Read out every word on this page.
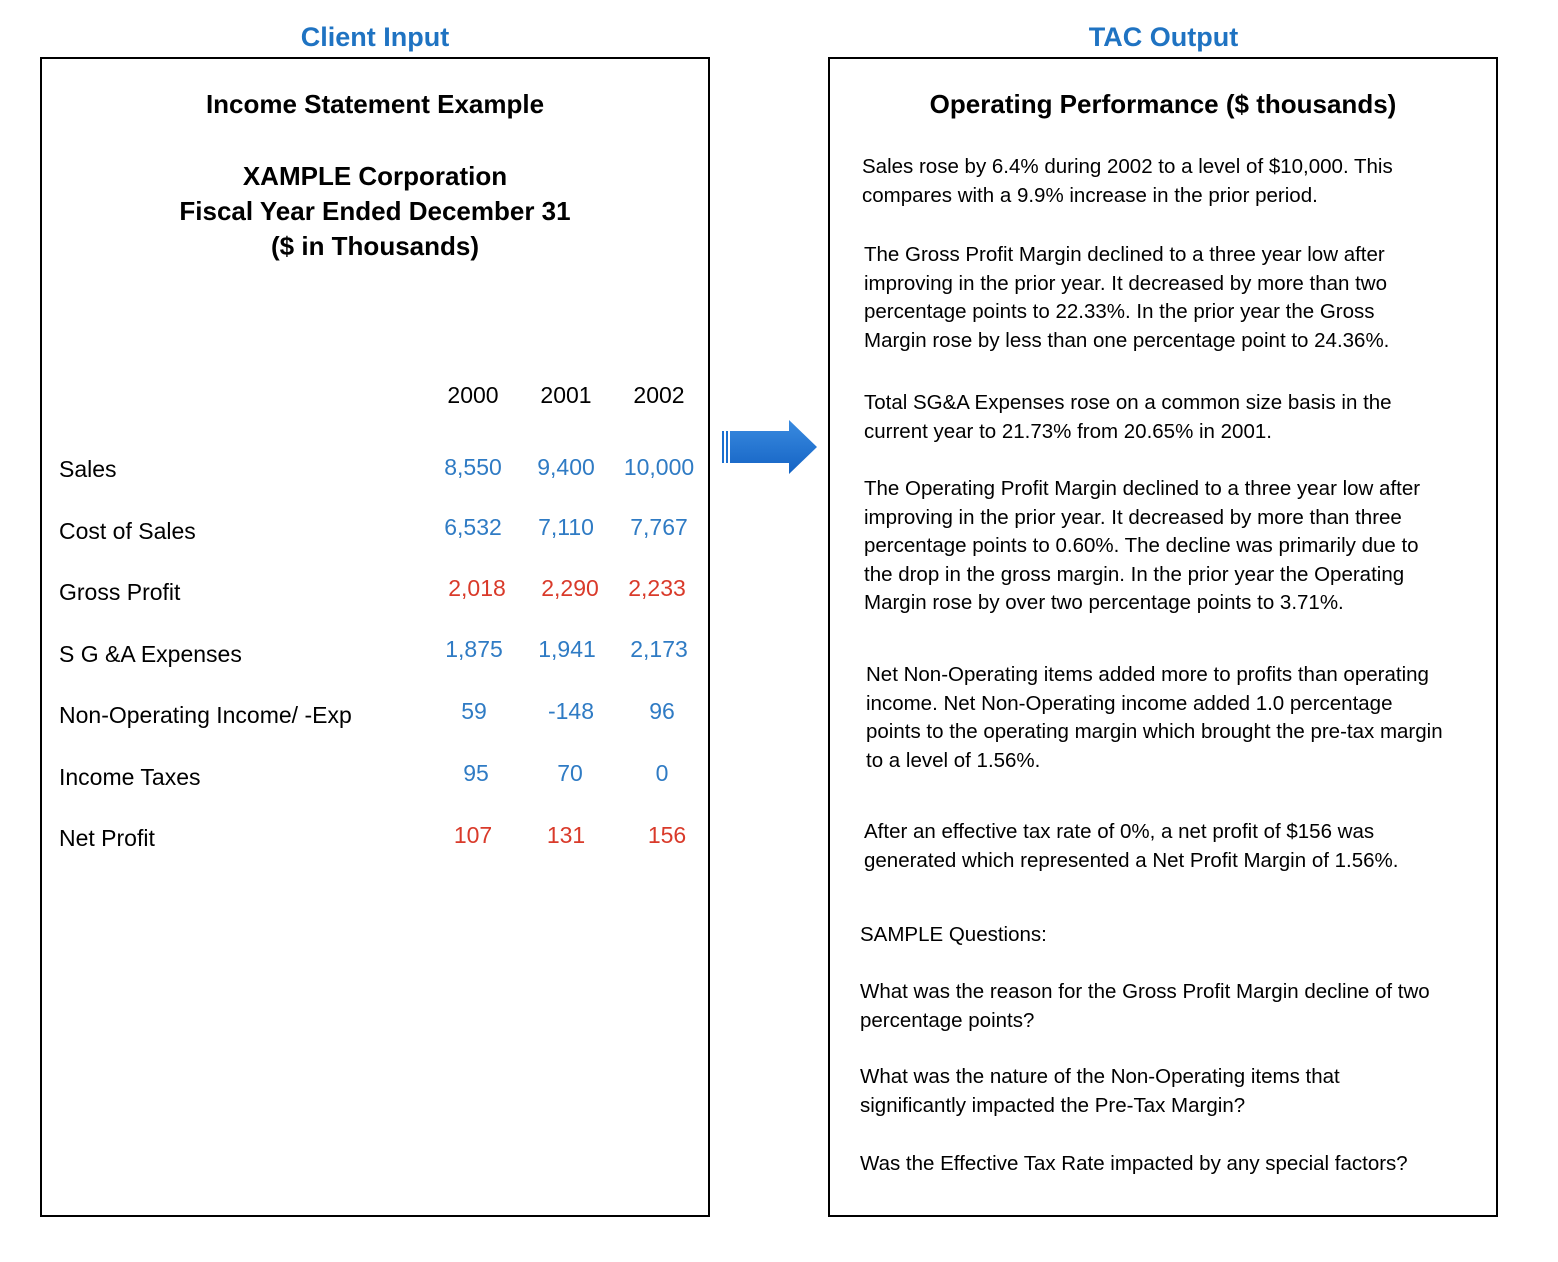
Client Input	TAC Output
Income Statement Example
XAMPLE Corporation
Fiscal Year Ended December 31
($ in Thousands)
2000	2001	2002
Sales	8,550	9,400	10,000
Cost of Sales	6,532	7,110	7,767
Gross Profit	2,018	2,290	2,233
S G &A Expenses	1,875	1,941	2,173
Non-Operating Income/ -Exp	59	-148	96
Income Taxes	95	70	0
Net Profit	107	131	156
Operating Performance ($ thousands)

Sales rose by 6.4% during 2002 to a level of $10,000. This
compares with a 9.9% increase in the prior period.

The Gross Profit Margin declined to a three year low after
improving in the prior year. It decreased by more than two
percentage points to 22.33%. In the prior year the Gross
Margin rose by less than one percentage point to 24.36%.

Total SG&A Expenses rose on a common size basis in the
current year to 21.73% from 20.65% in 2001.

The Operating Profit Margin declined to a three year low after
improving in the prior year. It decreased by more than three
percentage points to 0.60%. The decline was primarily due to
the drop in the gross margin. In the prior year the Operating
Margin rose by over two percentage points to 3.71%.

Net Non-Operating items added more to profits than operating
income. Net Non-Operating income added 1.0 percentage
points to the operating margin which brought the pre-tax margin
to a level of 1.56%.

After an effective tax rate of 0%, a net profit of $156 was
generated which represented a Net Profit Margin of 1.56%.

SAMPLE Questions:

What was the reason for the Gross Profit Margin decline of two
percentage points?

What was the nature of the Non-Operating items that
significantly impacted the Pre-Tax Margin?

Was the Effective Tax Rate impacted by any special factors?
